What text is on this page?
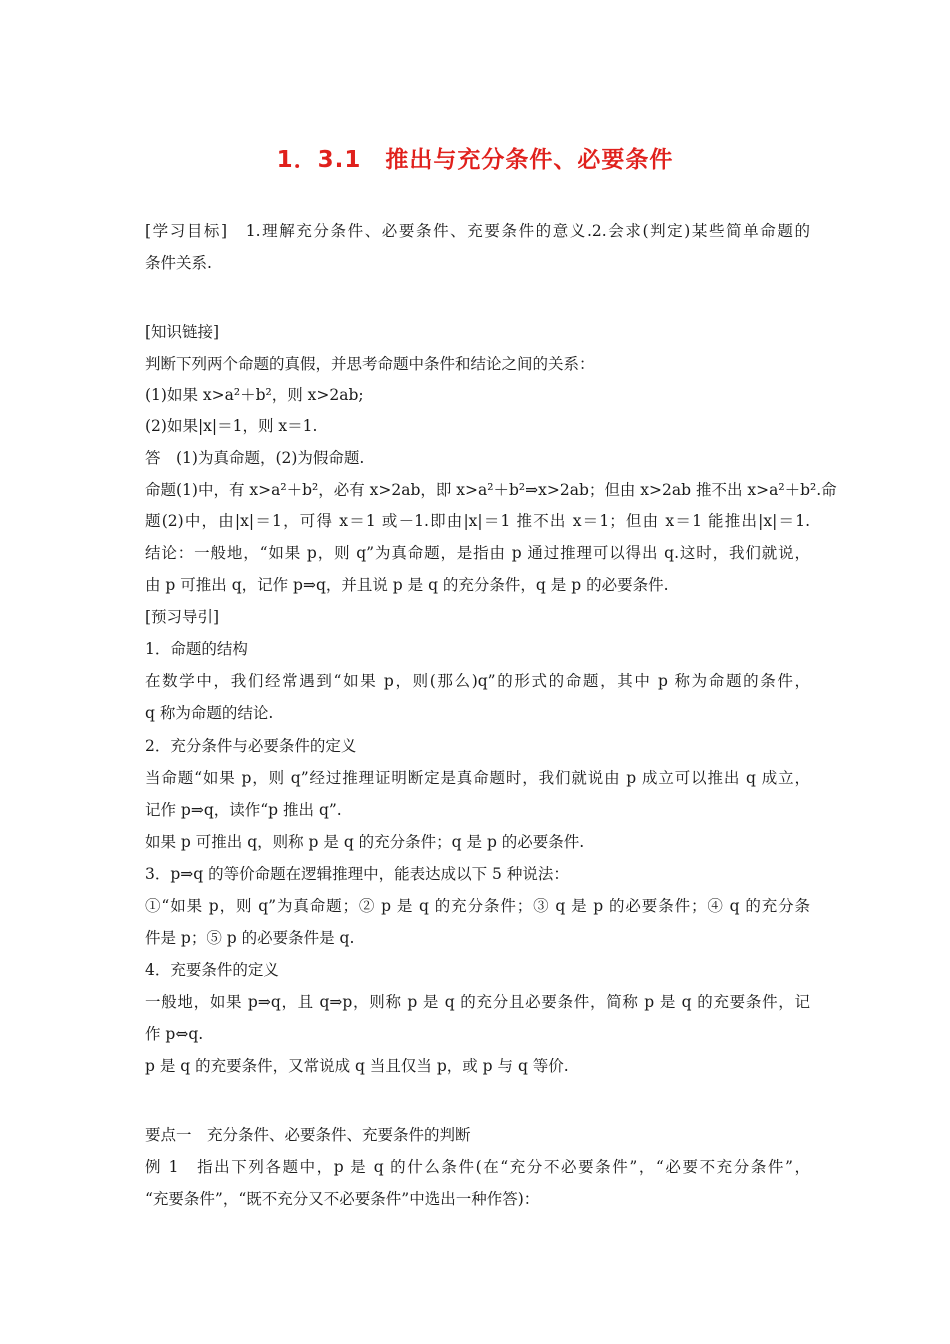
1．3.1　推出与充分条件、必要条件
[学习目标]　1.理解充分条件、必要条件、充要条件的意义.2.会求(判定)某些简单命题的
条件关系.
[知识链接]
判断下列两个命题的真假，并思考命题中条件和结论之间的关系：
(1)如果 x>a²＋b²，则 x>2ab;
(2)如果|x|＝1，则 x＝1.
答　(1)为真命题，(2)为假命题.
命题(1)中，有 x>a²＋b²，必有 x>2ab，即 x>a²＋b²⇒x>2ab；但由 x>2ab 推不出 x>a²＋b².命
题(2)中，由|x|＝1，可得 x＝1 或－1.即由|x|＝1 推不出 x＝1；但由 x＝1 能推出|x|＝1.
结论：一般地，“如果 p，则 q”为真命题，是指由 p 通过推理可以得出 q.这时，我们就说，
由 p 可推出 q，记作 p⇒q，并且说 p 是 q 的充分条件，q 是 p 的必要条件.
[预习导引]
1．命题的结构
在数学中，我们经常遇到“如果 p，则(那么)q”的形式的命题，其中 p 称为命题的条件，
q 称为命题的结论.
2．充分条件与必要条件的定义
当命题“如果 p，则 q”经过推理证明断定是真命题时，我们就说由 p 成立可以推出 q 成立，
记作 p⇒q，读作“p 推出 q”.
如果 p 可推出 q，则称 p 是 q 的充分条件；q 是 p 的必要条件.
3．p⇒q 的等价命题在逻辑推理中，能表达成以下 5 种说法：
①“如果 p，则 q”为真命题；② p 是 q 的充分条件；③ q 是 p 的必要条件；④ q 的充分条
件是 p；⑤ p 的必要条件是 q.
4．充要条件的定义
一般地，如果 p⇒q，且 q⇒p，则称 p 是 q 的充分且必要条件，简称 p 是 q 的充要条件，记
作 p⇔q.
p 是 q 的充要条件，又常说成 q 当且仅当 p，或 p 与 q 等价.
要点一　充分条件、必要条件、充要条件的判断
例 1　指出下列各题中，p 是 q 的什么条件(在“充分不必要条件”，“必要不充分条件”，
“充要条件”，“既不充分又不必要条件”中选出一种作答)：
